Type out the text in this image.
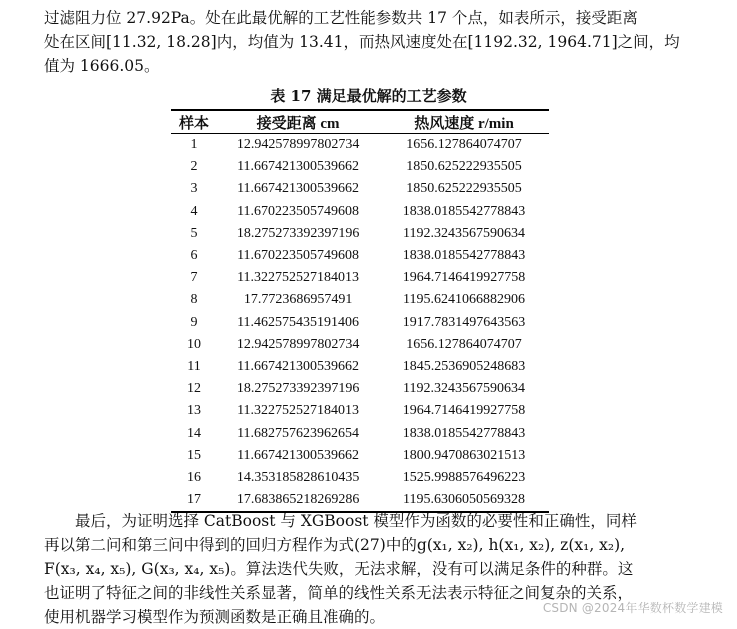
过滤阻力位 27.92Pa。处在此最优解的工艺性能参数共 17 个点，如表所示，接受距离
处在区间[11.32, 18.28]内，均值为 13.41，而热风速度处在[1192.32, 1964.71]之间，均
值为 1666.05。
表 17 满足最优解的工艺参数
样本	接受距离 cm	热风速度 r/min
1	12.942578997802734	1656.127864074707
2	11.667421300539662	1850.625222935505
3	11.667421300539662	1850.625222935505
4	11.670223505749608	1838.0185542778843
5	18.275273392397196	1192.3243567590634
6	11.670223505749608	1838.0185542778843
7	11.322752527184013	1964.7146419927758
8	17.7723686957491	1195.6241066882906
9	11.462575435191406	1917.7831497643563
10	12.942578997802734	1656.127864074707
11	11.667421300539662	1845.2536905248683
12	18.275273392397196	1192.3243567590634
13	11.322752527184013	1964.7146419927758
14	11.682757623962654	1838.0185542778843
15	11.667421300539662	1800.9470863021513
16	14.353185828610435	1525.9988576496223
17	17.683865218269286	1195.6306050569328
最后，为证明选择 CatBoost 与 XGBoost 模型作为函数的必要性和正确性，同样
再以第二问和第三问中得到的回归方程作为式(27)中的g(x₁, x₂), h(x₁, x₂), z(x₁, x₂),
F(x₃, x₄, x₅), G(x₃, x₄, x₅)。算法迭代失败，无法求解，没有可以满足条件的种群。这
也证明了特征之间的非线性关系显著，简单的线性关系无法表示特征之间复杂的关系，
使用机器学习模型作为预测函数是正确且准确的。	CSDN @2024年华数杯数学建模
